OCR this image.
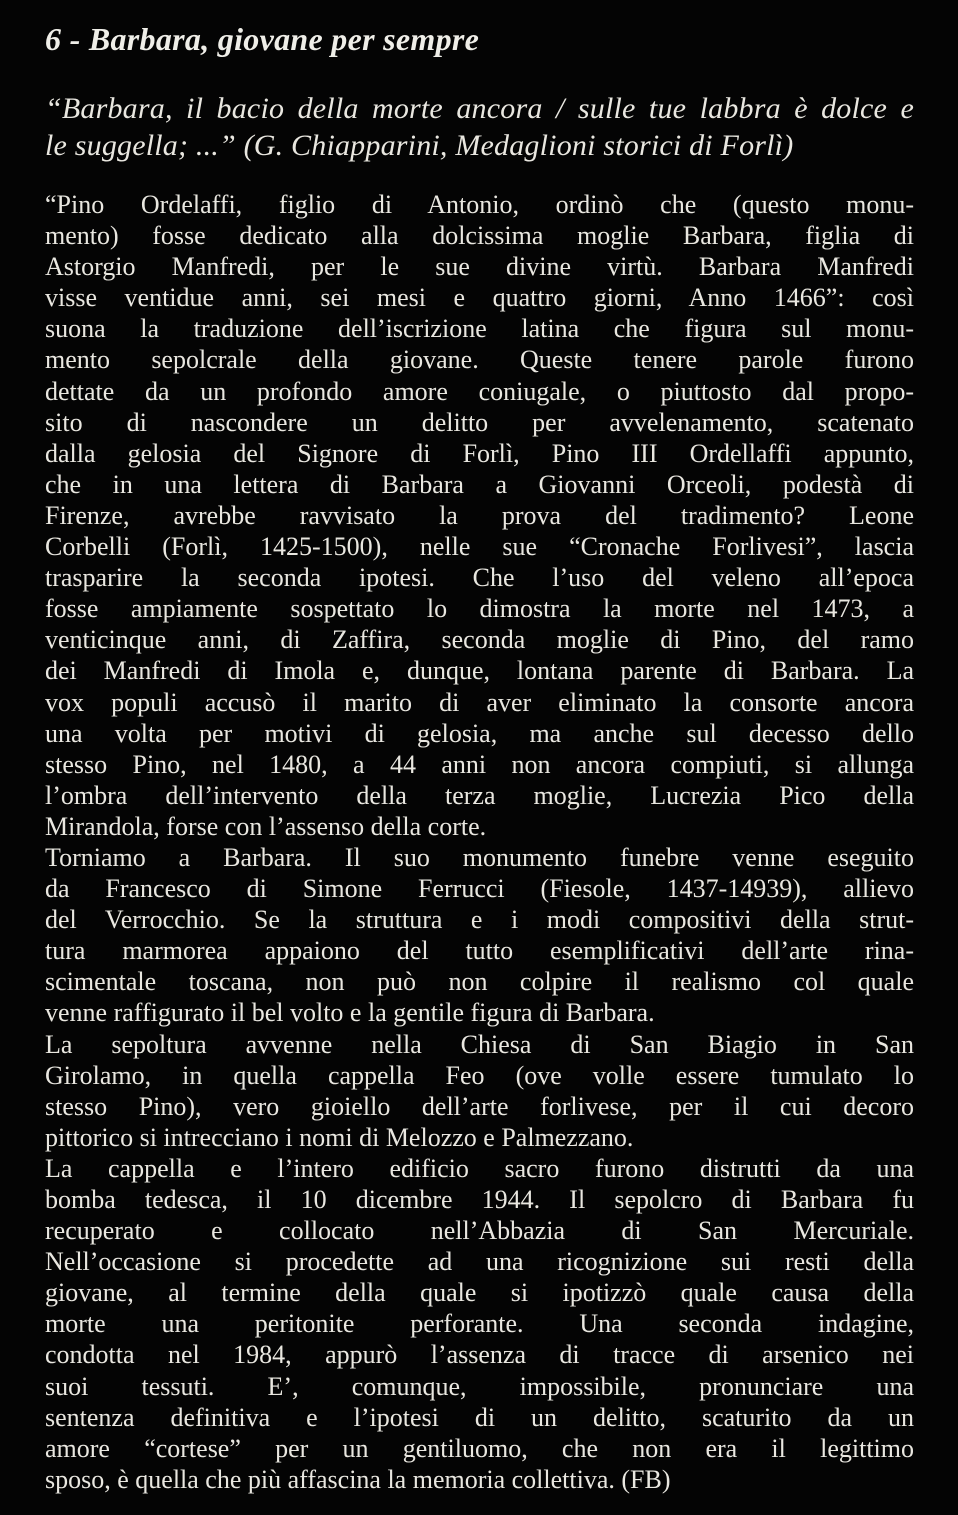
6 - Barbara, giovane per sempre
“Barbara, il bacio della morte ancora / sulle tue labbra è dolce e
le suggella; ...” (G. Chiapparini, Medaglioni storici di Forlì)
“Pino Ordelaffi, figlio di Antonio, ordinò che (questo monu-
mento) fosse dedicato alla dolcissima moglie Barbara, figlia di
Astorgio Manfredi, per le sue divine virtù. Barbara Manfredi
visse ventidue anni, sei mesi e quattro giorni, Anno 1466”: così
suona la traduzione dell’iscrizione latina che figura sul monu-
mento sepolcrale della giovane. Queste tenere parole furono
dettate da un profondo amore coniugale, o piuttosto dal propo-
sito di nascondere un delitto per avvelenamento, scatenato
dalla gelosia del Signore di Forlì, Pino III Ordellaffi appunto,
che in una lettera di Barbara a Giovanni Orceoli, podestà di
Firenze, avrebbe ravvisato la prova del tradimento? Leone
Corbelli (Forlì, 1425-1500), nelle sue “Cronache Forlivesi”, lascia
trasparire la seconda ipotesi. Che l’uso del veleno all’epoca
fosse ampiamente sospettato lo dimostra la morte nel 1473, a
venticinque anni, di Zaffira, seconda moglie di Pino, del ramo
dei Manfredi di Imola e, dunque, lontana parente di Barbara. La
vox populi accusò il marito di aver eliminato la consorte ancora
una volta per motivi di gelosia, ma anche sul decesso dello
stesso Pino, nel 1480, a 44 anni non ancora compiuti, si allunga
l’ombra dell’intervento della terza moglie, Lucrezia Pico della
Mirandola, forse con l’assenso della corte.
Torniamo a Barbara. Il suo monumento funebre venne eseguito
da Francesco di Simone Ferrucci (Fiesole, 1437-14939), allievo
del Verrocchio. Se la struttura e i modi compositivi della strut-
tura marmorea appaiono del tutto esemplificativi dell’arte rina-
scimentale toscana, non può non colpire il realismo col quale
venne raffigurato il bel volto e la gentile figura di Barbara.
La sepoltura avvenne nella Chiesa di San Biagio in San
Girolamo, in quella cappella Feo (ove volle essere tumulato lo
stesso Pino), vero gioiello dell’arte forlivese, per il cui decoro
pittorico si intrecciano i nomi di Melozzo e Palmezzano.
La cappella e l’intero edificio sacro furono distrutti da una
bomba tedesca, il 10 dicembre 1944. Il sepolcro di Barbara fu
recuperato e collocato nell’Abbazia di San Mercuriale.
Nell’occasione si procedette ad una ricognizione sui resti della
giovane, al termine della quale si ipotizzò quale causa della
morte una peritonite perforante. Una seconda indagine,
condotta nel 1984, appurò l’assenza di tracce di arsenico nei
suoi tessuti. E’, comunque, impossibile, pronunciare una
sentenza definitiva e l’ipotesi di un delitto, scaturito da un
amore “cortese” per un gentiluomo, che non era il legittimo
sposo, è quella che più affascina la memoria collettiva. (FB)
